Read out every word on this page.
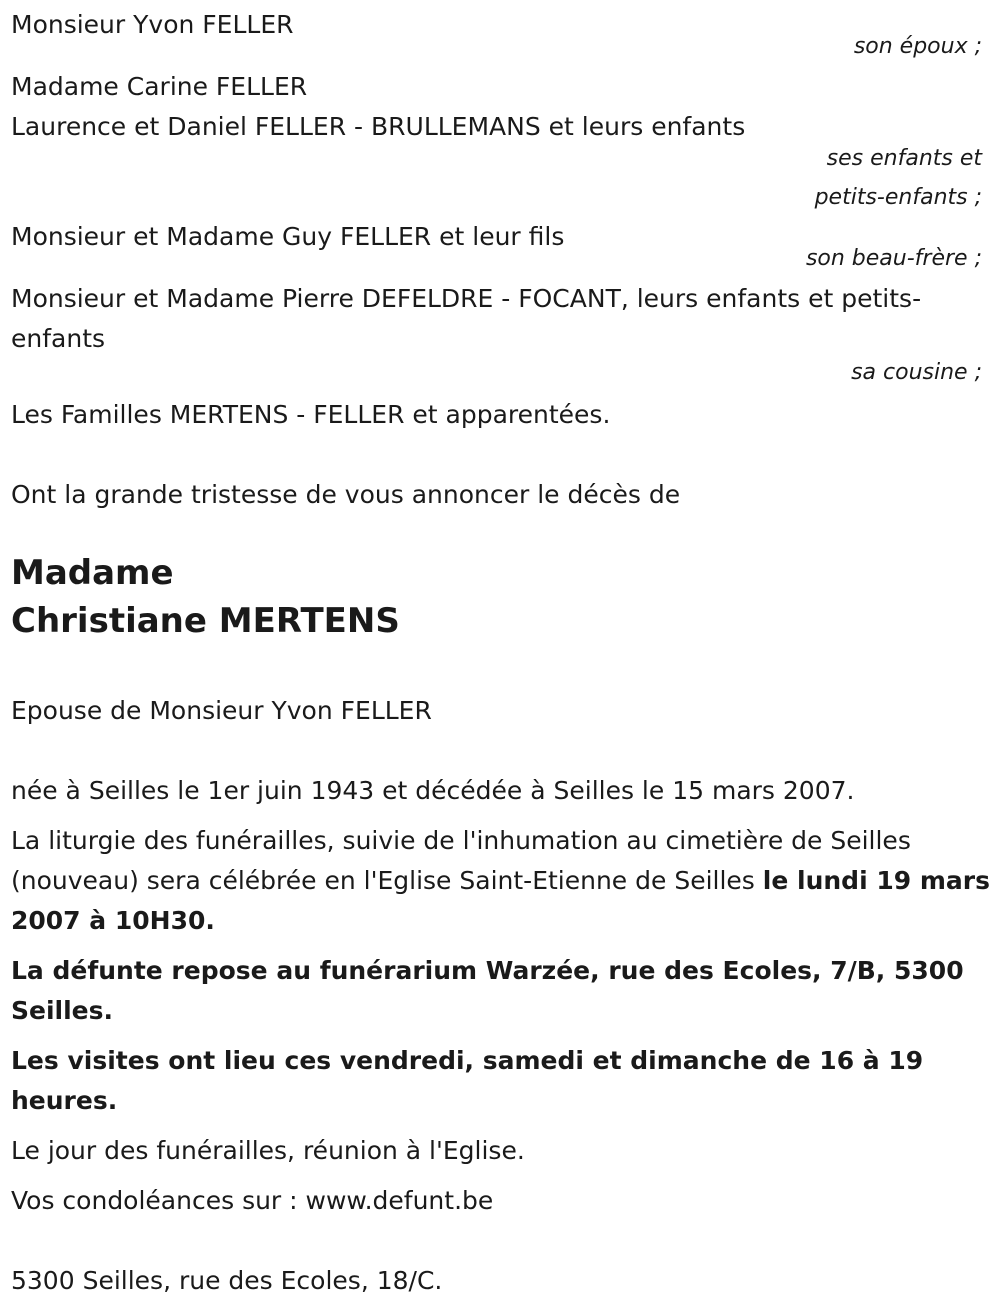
Monsieur Yvon FELLER
son époux ;
Madame Carine FELLER
Laurence et Daniel FELLER - BRULLEMANS et leurs enfants
ses enfants et
petits-enfants ;
Monsieur et Madame Guy FELLER et leur fils
son beau-frère ;
Monsieur et Madame Pierre DEFELDRE - FOCANT, leurs enfants et petits-enfants
sa cousine ;
Les Familles MERTENS - FELLER et apparentées.
Ont la grande tristesse de vous annoncer le décès de
Madame
Christiane MERTENS
Epouse de Monsieur Yvon FELLER
née à Seilles le 1er juin 1943 et décédée à Seilles le 15 mars 2007.

La liturgie des funérailles, suivie de l'inhumation au cimetière de Seilles (nouveau) sera célébrée en l'Eglise Saint-Etienne de Seilles le lundi 19 mars 2007 à 10H30.

La défunte repose au funérarium Warzée, rue des Ecoles, 7/B, 5300 Seilles.
Les visites ont lieu ces vendredi, samedi et dimanche de 16 à 19 heures.
Le jour des funérailles, réunion à l'Eglise.
Vos condoléances sur : www.defunt.be
5300 Seilles, rue des Ecoles, 18/C.
